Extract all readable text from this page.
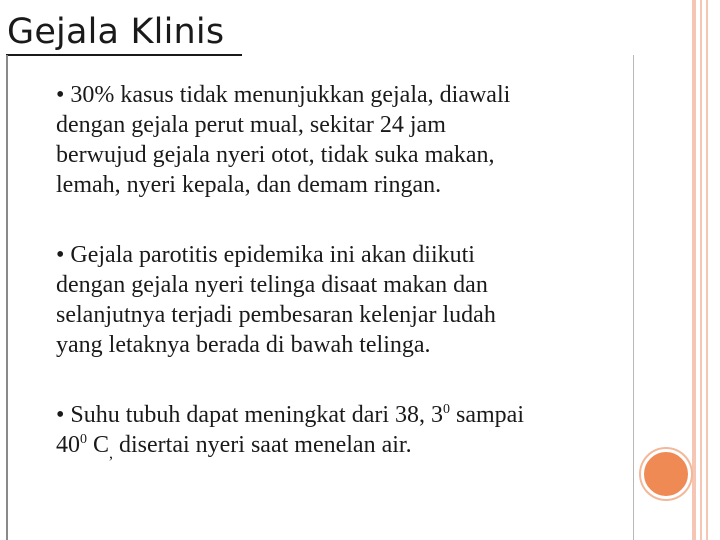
Gejala Klinis

• 30% kasus tidak menunjukkan gejala, diawali
dengan gejala perut mual, sekitar 24 jam
berwujud gejala nyeri otot, tidak suka makan,
lemah, nyeri kepala, dan demam ringan.

• Gejala parotitis epidemika ini akan diikuti
dengan gejala nyeri telinga disaat makan dan
selanjutnya terjadi pembesaran kelenjar ludah
yang letaknya berada di bawah telinga.

• Suhu tubuh dapat meningkat dari 38, $3^0$ sampai
$40^0$ $C_,$ disertai nyeri saat menelan air.
